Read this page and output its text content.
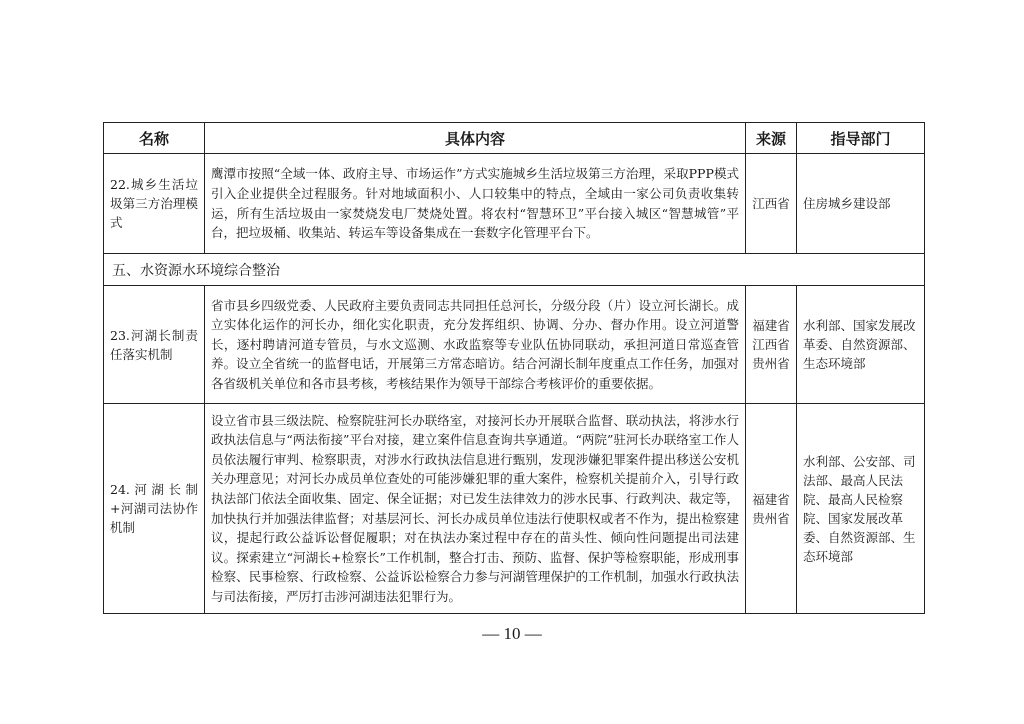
名称	具体内容	来源	指导部门
22.城乡生活垃圾第三方治理模式	鹰潭市按照“全域一体、政府主导、市场运作”方式实施城乡生活垃圾第三方治理，采取PPP模式引入企业提供全过程服务。针对地域面积小、人口较集中的特点，全域由一家公司负责收集转运，所有生活垃圾由一家焚烧发电厂焚烧处置。将农村“智慧环卫”平台接入城区“智慧城管”平台，把垃圾桶、收集站、转运车等设备集成在一套数字化管理平台下。	江西省	住房城乡建设部
五、水资源水环境综合整治			
23.河湖长制责任落实机制	省市县乡四级党委、人民政府主要负责同志共同担任总河长，分级分段（片）设立河长湖长。成立实体化运作的河长办，细化实化职责，充分发挥组织、协调、分办、督办作用。设立河道警长，逐村聘请河道专管员，与水文巡测、水政监察等专业队伍协同联动，承担河道日常巡查管养。设立全省统一的监督电话，开展第三方常态暗访。结合河湖长制年度重点工作任务，加强对各省级机关单位和各市县考核，考核结果作为领导干部综合考核评价的重要依据。	福建省江西省贵州省	水利部、国家发展改革委、自然资源部、生态环境部
24.河湖长制+河湖司法协作机制	设立省市县三级法院、检察院驻河长办联络室，对接河长办开展联合监督、联动执法，将涉水行政执法信息与“两法衔接”平台对接，建立案件信息查询共享通道。“两院”驻河长办联络室工作人员依法履行审判、检察职责，对涉水行政执法信息进行甄别，发现涉嫌犯罪案件提出移送公安机关办理意见；对河长办成员单位查处的可能涉嫌犯罪的重大案件，检察机关提前介入，引导行政执法部门依法全面收集、固定、保全证据；对已发生法律效力的涉水民事、行政判决、裁定等，加快执行并加强法律监督；对基层河长、河长办成员单位违法行使职权或者不作为，提出检察建议，提起行政公益诉讼督促履职；对在执法办案过程中存在的苗头性、倾向性问题提出司法建议。探索建立“河湖长+检察长”工作机制，整合打击、预防、监督、保护等检察职能，形成刑事检察、民事检察、行政检察、公益诉讼检察合力参与河湖管理保护的工作机制，加强水行政执法与司法衔接，严厉打击涉河湖违法犯罪行为。	福建省贵州省	水利部、公安部、司法部、最高人民法院、最高人民检察院、国家发展改革委、自然资源部、生态环境部
— 10 —
